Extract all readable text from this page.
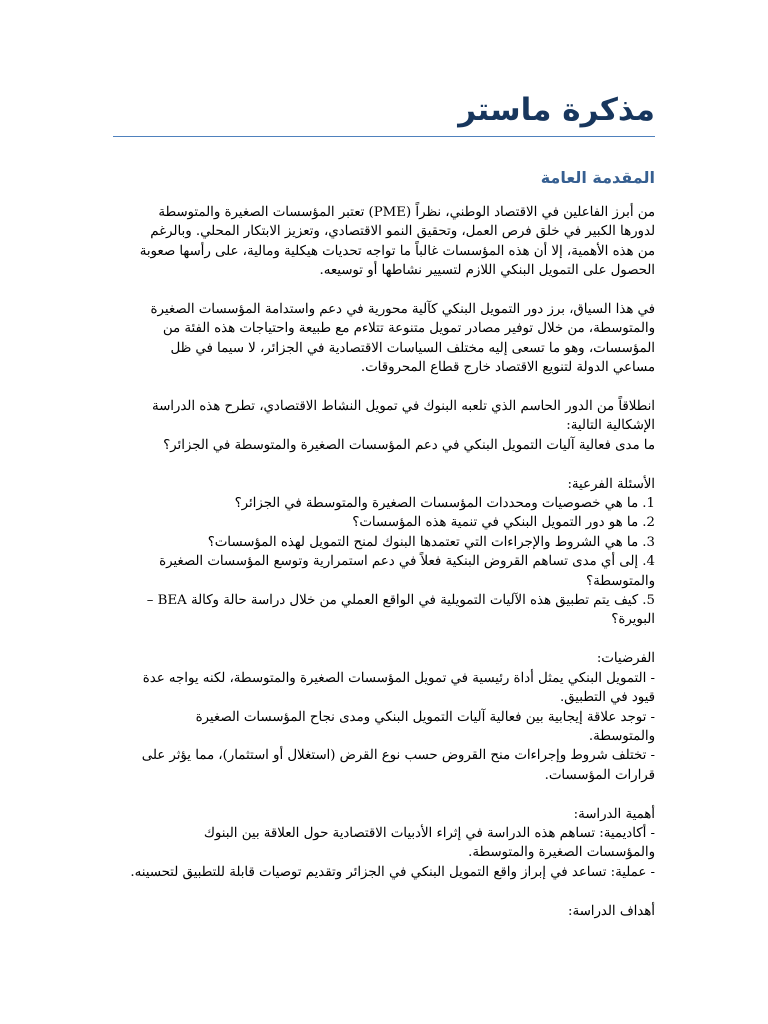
مذكرة ماستر
المقدمة العامة

من أبرز الفاعلين في الاقتصاد الوطني، نظراً (PME) تعتبر المؤسسات الصغيرة والمتوسطة

لدورها الكبير في خلق فرص العمل، وتحقيق النمو الاقتصادي، وتعزيز الابتكار المحلي. وبالرغم

من هذه الأهمية، إلا أن هذه المؤسسات غالباً ما تواجه تحديات هيكلية ومالية، على رأسها صعوبة

الحصول على التمويل البنكي اللازم لتسيير نشاطها أو توسيعه.

في هذا السياق، برز دور التمويل البنكي كآلية محورية في دعم واستدامة المؤسسات الصغيرة

والمتوسطة، من خلال توفير مصادر تمويل متنوعة تتلاءم مع طبيعة واحتياجات هذه الفئة من

المؤسسات، وهو ما تسعى إليه مختلف السياسات الاقتصادية في الجزائر، لا سيما في ظل

مساعي الدولة لتنويع الاقتصاد خارج قطاع المحروقات.

انطلاقاً من الدور الحاسم الذي تلعبه البنوك في تمويل النشاط الاقتصادي، تطرح هذه الدراسة

الإشكالية التالية:

ما مدى فعالية آليات التمويل البنكي في دعم المؤسسات الصغيرة والمتوسطة في الجزائر؟

الأسئلة الفرعية:

1. ما هي خصوصيات ومحددات المؤسسات الصغيرة والمتوسطة في الجزائر؟

2. ما هو دور التمويل البنكي في تنمية هذه المؤسسات؟

3. ما هي الشروط والإجراءات التي تعتمدها البنوك لمنح التمويل لهذه المؤسسات؟

4. إلى أي مدى تساهم القروض البنكية فعلاً في دعم استمرارية وتوسع المؤسسات الصغيرة

والمتوسطة؟

5. كيف يتم تطبيق هذه الآليات التمويلية في الواقع العملي من خلال دراسة حالة وكالة BEA –

البويرة؟

الفرضيات:

- التمويل البنكي يمثل أداة رئيسية في تمويل المؤسسات الصغيرة والمتوسطة، لكنه يواجه عدة

قيود في التطبيق.

- توجد علاقة إيجابية بين فعالية آليات التمويل البنكي ومدى نجاح المؤسسات الصغيرة

والمتوسطة.

- تختلف شروط وإجراءات منح القروض حسب نوع القرض (استغلال أو استثمار)، مما يؤثر على

قرارات المؤسسات.

أهمية الدراسة:

- أكاديمية: تساهم هذه الدراسة في إثراء الأدبيات الاقتصادية حول العلاقة بين البنوك

والمؤسسات الصغيرة والمتوسطة.

- عملية: تساعد في إبراز واقع التمويل البنكي في الجزائر وتقديم توصيات قابلة للتطبيق لتحسينه.

أهداف الدراسة:
